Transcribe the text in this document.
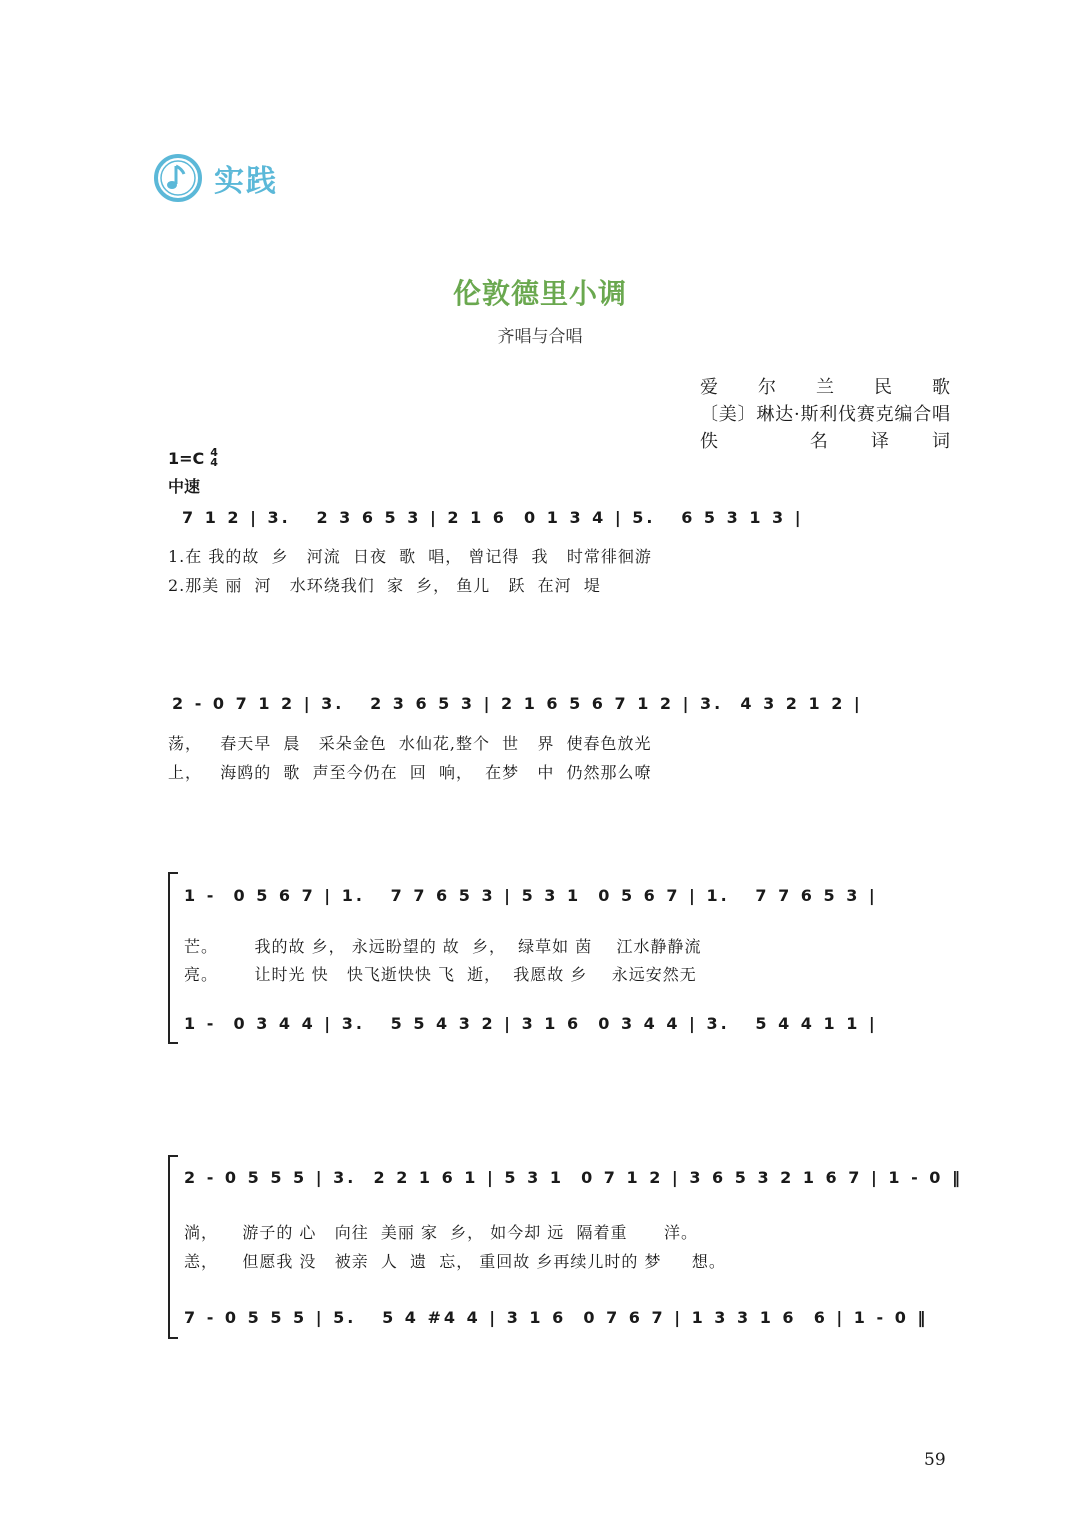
实践
伦敦德里小调
齐唱与合唱
爱 尔 兰 民 歌
〔美〕琳达·斯利伐赛克编合唱
佚 名译词
1=C 4
4
中速
7 1 2 | 3.   2 3 6 5 3 | 2 1 6  0 1 3 4 | 5.   6 5 3 1 3 |
1.在 我的故  乡   河流  日夜  歌  唱， 曾记得  我   时常徘徊游
2.那美 丽  河   水环绕我们  家  乡， 鱼儿   跃  在河  堤
2 - 0 7 1 2 | 3.   2 3 6 5 3 | 2 1 6 5 6 7 1 2 | 3.  4 3 2 1 2 |
荡，   春天早  晨   采朵金色  水仙花,整个  世   界  使春色放光
上，   海鸥的  歌  声至今仍在  回  响，  在梦   中  仍然那么嘹
1 -  0 5 6 7 | 1.   7 7 6 5 3 | 5 3 1  0 5 6 7 | 1.   7 7 6 5 3 |
芒。      我的故 乡， 永远盼望的 故  乡，  绿草如 茵    江水静静流
亮。      让时光 快   快飞逝快快 飞  逝，  我愿故 乡    永远安然无
1 -  0 3 4 4 | 3.   5 5 4 3 2 | 3 1 6  0 3 4 4 | 3.   5 4 4 1 1 |
2 - 0 5 5 5 | 3.  2 2 1 6 1 | 5 3 1  0 7 1 2 | 3 6 5 3 2 1 6 7 | 1 - 0 ‖
淌，    游子的 心   向往  美丽 家  乡， 如今却 远  隔着重      洋。
恙，    但愿我 没   被亲  人  遗  忘， 重回故 乡再续儿时的 梦     想。
7 - 0 5 5 5 | 5.   5 4 #4 4 | 3 1 6  0 7 6 7 | 1 3 3 1 6  6 | 1 - 0 ‖
59
